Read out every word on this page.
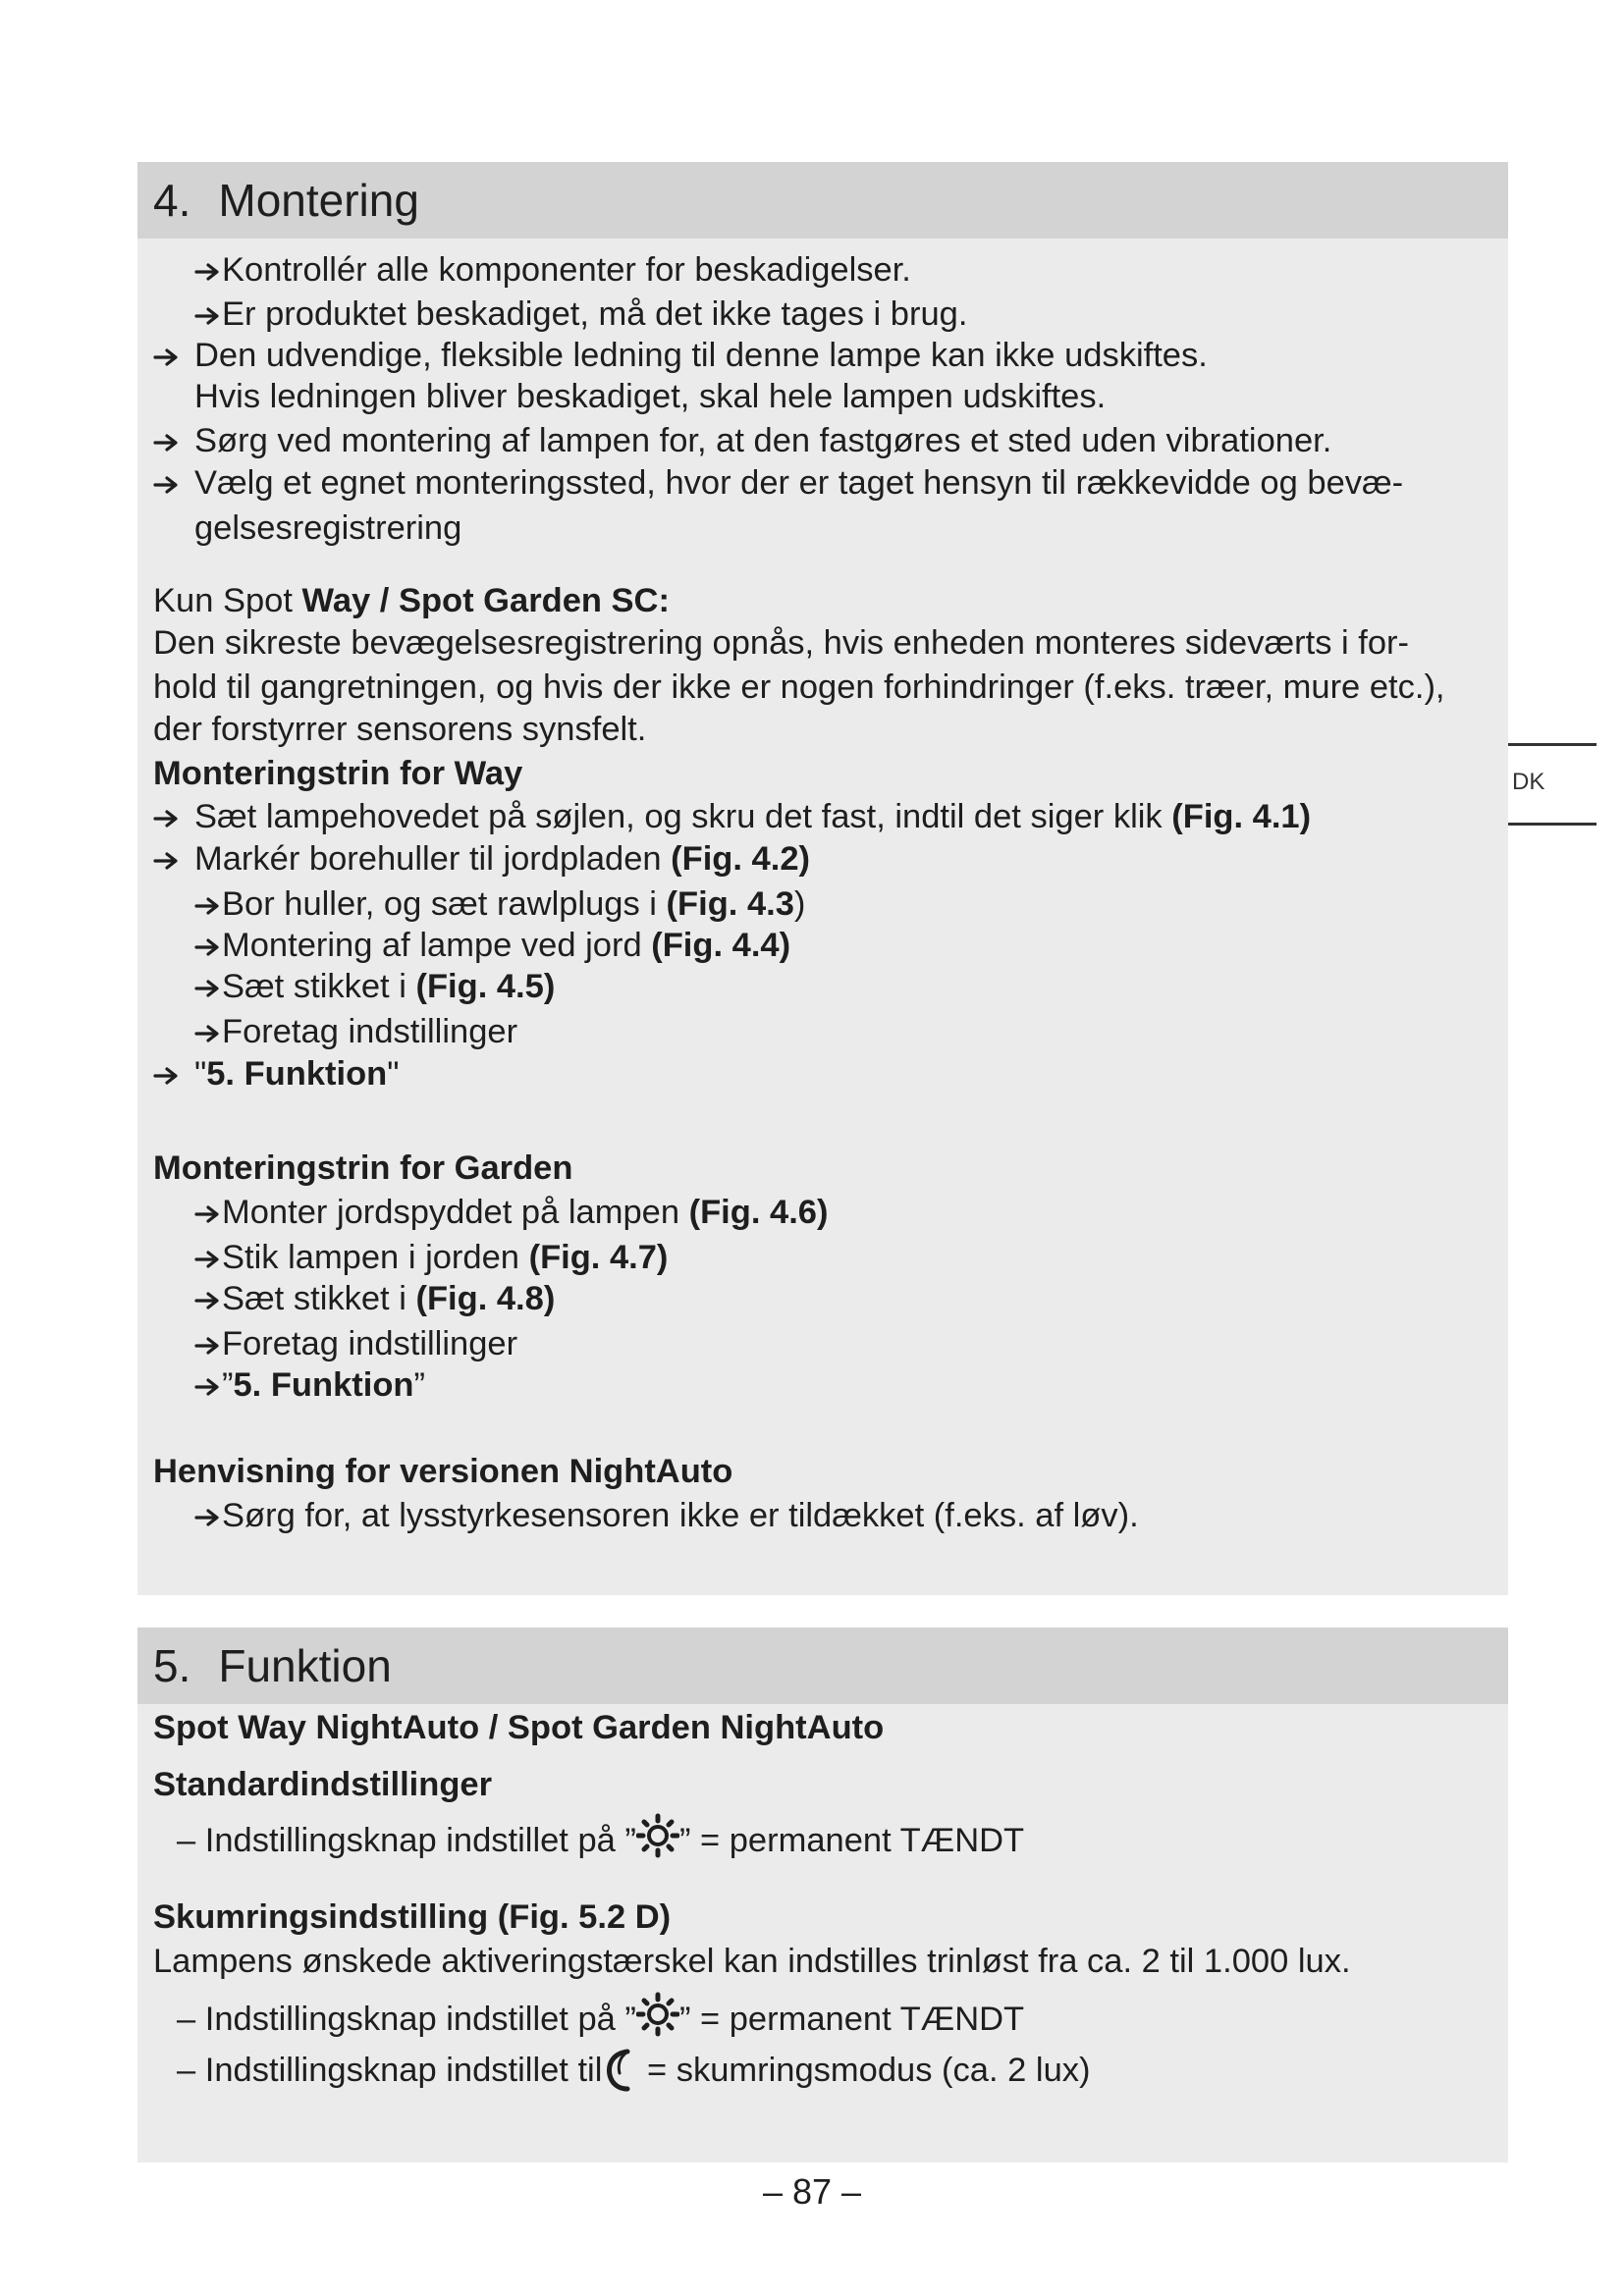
4. Montering
Kontrollér alle komponenter for beskadigelser.
Er produktet beskadiget, må det ikke tages i brug.
Den udvendige, fleksible ledning til denne lampe kan ikke udskiftes.
Hvis ledningen bliver beskadiget, skal hele lampen udskiftes.
Sørg ved montering af lampen for, at den fastgøres et sted uden vibrationer.
Vælg et egnet monteringssted, hvor der er taget hensyn til rækkevidde og bevæ-
gelsesregistrering
Kun Spot Way / Spot Garden SC:
Den sikreste bevægelsesregistrering opnås, hvis enheden monteres sideværts i for-
hold til gangretningen, og hvis der ikke er nogen forhindringer (f.eks. træer, mure etc.),
der forstyrrer sensorens synsfelt.
Monteringstrin for Way
Sæt lampehovedet på søjlen, og skru det fast, indtil det siger klik (Fig. 4.1)
Markér borehuller til jordpladen (Fig. 4.2)
Bor huller, og sæt rawlplugs i (Fig. 4.3)
Montering af lampe ved jord (Fig. 4.4)
Sæt stikket i (Fig. 4.5)
Foretag indstillinger
"5. Funktion"
Monteringstrin for Garden
Monter jordspyddet på lampen (Fig. 4.6)
Stik lampen i jorden (Fig. 4.7)
Sæt stikket i (Fig. 4.8)
Foretag indstillinger
”5. Funktion”
Henvisning for versionen NightAuto
Sørg for, at lysstyrkesensoren ikke er tildækket (f.eks. af løv).
DK
5. Funktion
Spot Way NightAuto / Spot Garden NightAuto
Standardindstillinger
– Indstillingsknap indstillet på ” ” = permanent TÆNDT
Skumringsindstilling (Fig. 5.2 D)
Lampens ønskede aktiveringstærskel kan indstilles trinløst fra ca. 2 til 1.000 lux.
– Indstillingsknap indstillet på ” ” = permanent TÆNDT
– Indstillingsknap indstillet til = skumringsmodus (ca. 2 lux)
– 87 –
